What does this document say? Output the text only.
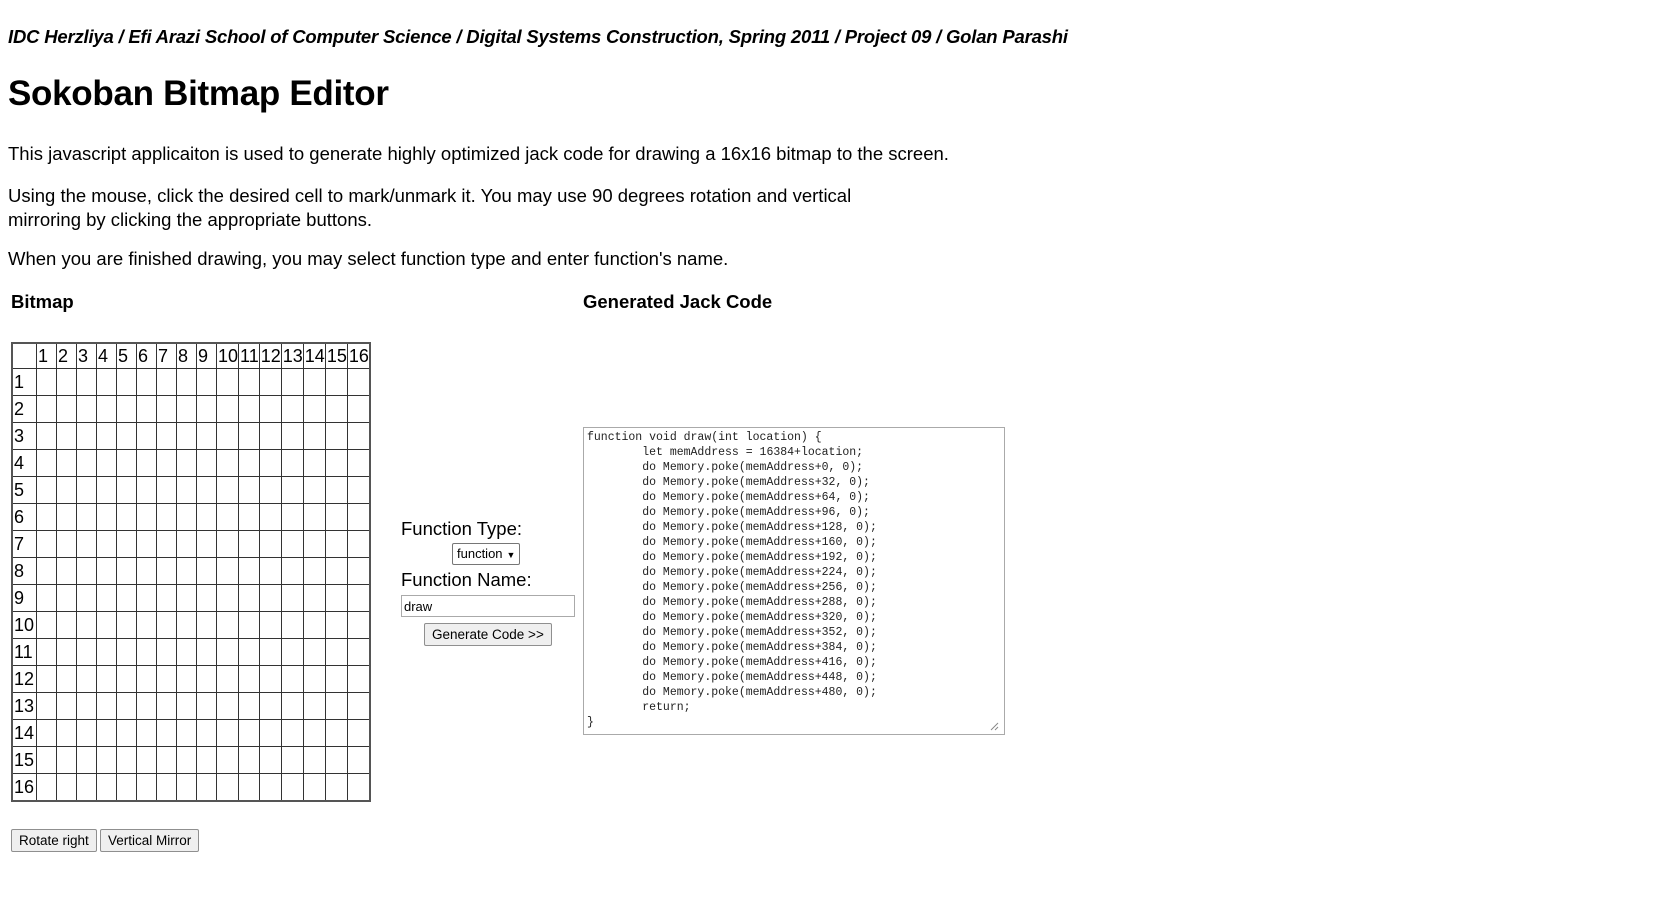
IDC Herzliya / Efi Arazi School of Computer Science / Digital Systems Construction, Spring 2011 / Project 09 / Golan Parashi
Sokoban Bitmap Editor

This javascript applicaiton is used to generate highly optimized jack code for drawing a 16x16 bitmap to the screen.

Using the mouse, click the desired cell to mark/unmark it. You may use 90 degrees rotation and vertical mirroring by clicking the appropriate buttons.

When you are finished drawing, you may select function type and enter function's name.

Bitmap	Generated Jack Code
	1	2	3	4	5	6	7	8	9	10	11	12	13	14	15	16
1																
2																
3																
4																
5																
6																
7																
8																
9																
10																
11																
12																
13																
14																
15																
16																
Rotate right	Vertical Mirror
Function Type:
function ▼
Function Name:
draw
Generate Code >>
function void draw(int location) {
	let memAddress = 16384+location;
	do Memory.poke(memAddress+0, 0);
	do Memory.poke(memAddress+32, 0);
	do Memory.poke(memAddress+64, 0);
	do Memory.poke(memAddress+96, 0);
	do Memory.poke(memAddress+128, 0);
	do Memory.poke(memAddress+160, 0);
	do Memory.poke(memAddress+192, 0);
	do Memory.poke(memAddress+224, 0);
	do Memory.poke(memAddress+256, 0);
	do Memory.poke(memAddress+288, 0);
	do Memory.poke(memAddress+320, 0);
	do Memory.poke(memAddress+352, 0);
	do Memory.poke(memAddress+384, 0);
	do Memory.poke(memAddress+416, 0);
	do Memory.poke(memAddress+448, 0);
	do Memory.poke(memAddress+480, 0);
	return;
}
